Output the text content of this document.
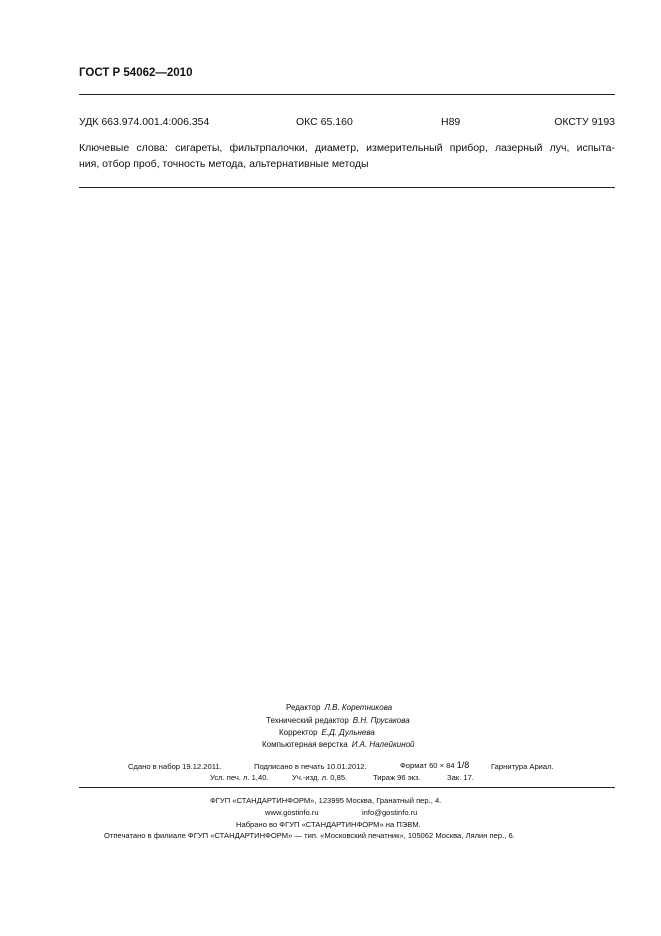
ГОСТ Р 54062—2010
УДК 663.974.001.4:006.354	ОКС 65.160	Н89	ОКСТУ 9193
Ключевые слова: сигареты, фильтрпалочки, диаметр, измерительный прибор, лазерный луч, испыта-
ния, отбор проб, точность метода, альтернативные методы
Редактор Л.В. Коретникова
Технический редактор В.Н. Прусакова
Корректор Е.Д. Дульнева
Компьютерная верстка И.А. Налейкиной
Сдано в набор 19.12.2011.	Подписано в печать 10.01.2012.	Формат 60 × 84 1/8	Гарнитура Ариал.
Усл. печ. л. 1,40.	Уч.-изд. л. 0,85.	Тираж 96 экз.	Зак. 17.
ФГУП «СТАНДАРТИНФОРМ», 123995 Москва, Гранатный пер., 4.
www.gostinfo.ru	info@gostinfo.ru
Набрано во ФГУП «СТАНДАРТИНФОРМ» на ПЭВМ.
Отпечатано в филиале ФГУП «СТАНДАРТИНФОРМ» — тип. «Московский печатник», 105062 Москва, Лялин пер., 6.
